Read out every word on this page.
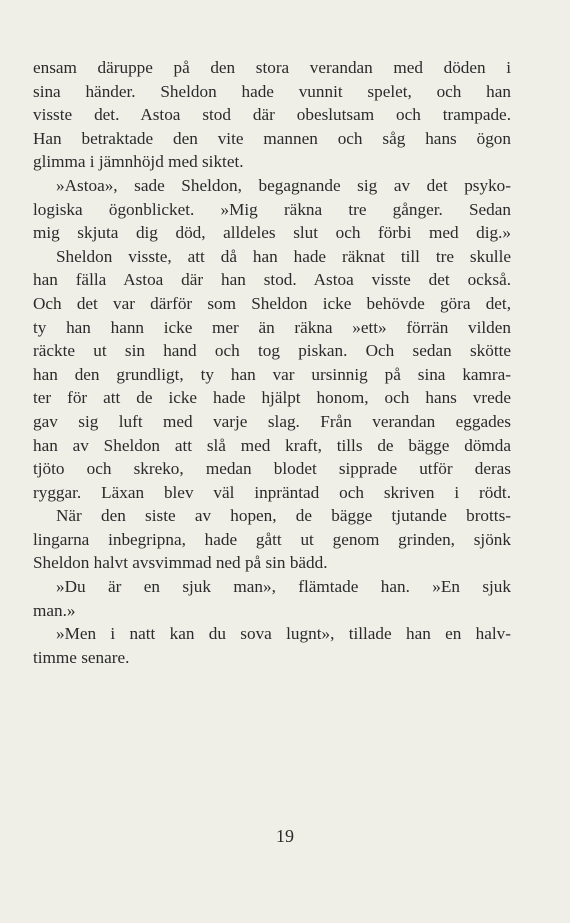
ensam däruppe på den stora verandan med döden i
sina händer. Sheldon hade vunnit spelet, och han
visste det. Astoa stod där obeslutsam och trampade.
Han betraktade den vite mannen och såg hans ögon
glimma i jämnhöjd med siktet.
»Astoa», sade Sheldon, begagnande sig av det psyko-
logiska ögonblicket. »Mig räkna tre gånger. Sedan
mig skjuta dig död, alldeles slut och förbi med dig.»
Sheldon visste, att då han hade räknat till tre skulle
han fälla Astoa där han stod. Astoa visste det också.
Och det var därför som Sheldon icke behövde göra det,
ty han hann icke mer än räkna »ett» förrän vilden
räckte ut sin hand och tog piskan. Och sedan skötte
han den grundligt, ty han var ursinnig på sina kamra-
ter för att de icke hade hjälpt honom, och hans vrede
gav sig luft med varje slag. Från verandan eggades
han av Sheldon att slå med kraft, tills de bägge dömda
tjöto och skreko, medan blodet sipprade utför deras
ryggar. Läxan blev väl inpräntad och skriven i rödt.
När den siste av hopen, de bägge tjutande brotts-
lingarna inbegripna, hade gått ut genom grinden, sjönk
Sheldon halvt avsvimmad ned på sin bädd.
»Du är en sjuk man», flämtade han. »En sjuk
man.»
»Men i natt kan du sova lugnt», tillade han en halv-
timme senare.
19
